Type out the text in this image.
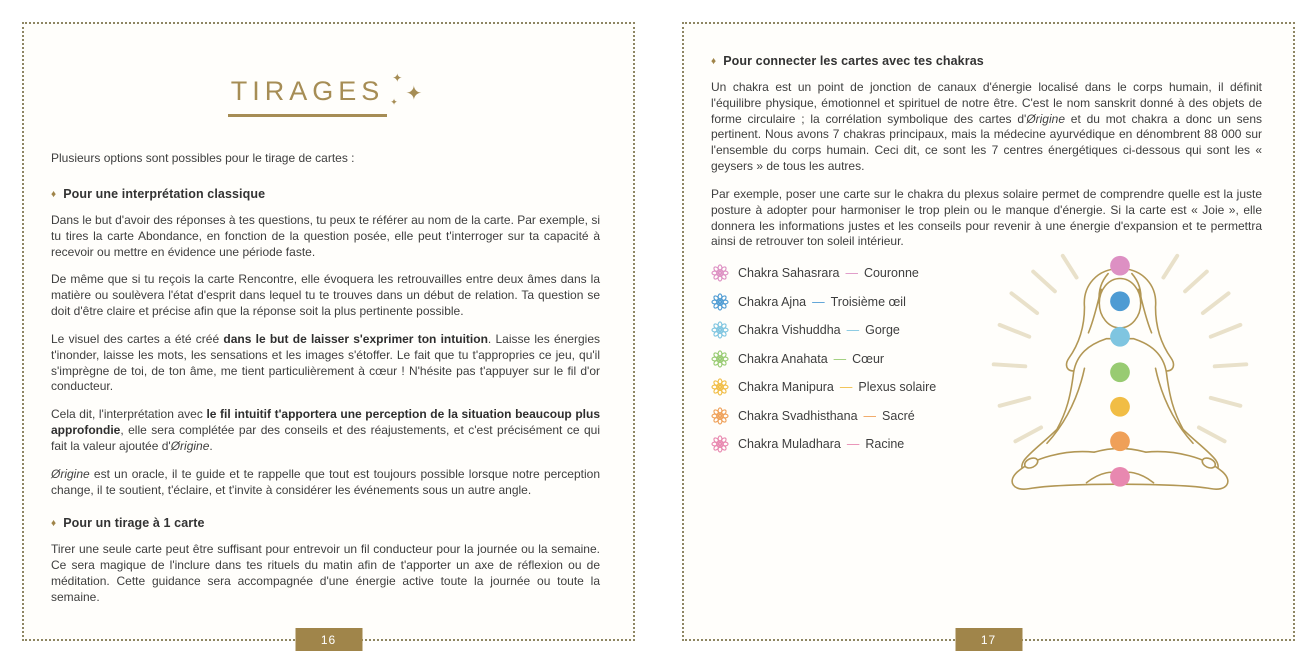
TIRAGES ✦
✦
✦

Plusieurs options sont possibles pour le tirage de cartes :

♦ Pour une interprétation classique

Dans le but d'avoir des réponses à tes questions, tu peux te référer au nom de la carte. Par exemple, si tu tires la carte Abondance, en fonction de la question posée, elle peut t'interroger sur ta capacité à recevoir ou mettre en évidence une période faste.

De même que si tu reçois la carte Rencontre, elle évoquera les retrouvailles entre deux âmes dans la matière ou soulèvera l'état d'esprit dans lequel tu te trouves dans un début de relation. Ta question se doit d'être claire et précise afin que la réponse soit la plus pertinente possible.

Le visuel des cartes a été créé dans le but de laisser s'exprimer ton intuition. Laisse les énergies t'inonder, laisse les mots, les sensations et les images s'étoffer. Le fait que tu t'appropries ce jeu, qu'il s'imprègne de toi, de ton âme, me tient particulièrement à cœur ! N'hésite pas t'appuyer sur le fil d'or conducteur.

Cela dit, l'interprétation avec le fil intuitif t'apportera une perception de la situation beaucoup plus approfondie, elle sera complétée par des conseils et des réajustements, et c'est précisément ce qui fait la valeur ajoutée d'Ørigine.

Ørigine est un oracle, il te guide et te rappelle que tout est toujours possible lorsque notre perception change, il te soutient, t'éclaire, et t'invite à considérer les événements sous un autre angle.

♦ Pour un tirage à 1 carte

Tirer une seule carte peut être suffisant pour entrevoir un fil conducteur pour la journée ou la semaine. Ce sera magique de l'inclure dans tes rituels du matin afin de t'apporter un axe de réflexion ou de méditation. Cette guidance sera accompagnée d'une énergie active toute la journée ou toute la semaine.

16
♦ Pour connecter les cartes avec tes chakras

Un chakra est un point de jonction de canaux d'énergie localisé dans le corps humain, il définit l'équilibre physique, émotionnel et spirituel de notre être. C'est le nom sanskrit donné à des objets de forme circulaire ; la corrélation symbolique des cartes d'Ørigine et du mot chakra a donc un sens pertinent. Nous avons 7 chakras principaux, mais la médecine ayurvédique en dénombrent 88 000 sur l'ensemble du corps humain. Ceci dit, ce sont les 7 centres énergétiques ci-dessous qui sont les « geysers » de tous les autres.

Par exemple, poser une carte sur le chakra du plexus solaire permet de comprendre quelle est la juste posture à adopter pour harmoniser le trop plein ou le manque d'énergie. Si la carte est « Joie », elle donnera les informations justes et les conseils pour revenir à une énergie d'expansion et te permettra ainsi de retrouver ton soleil intérieur.

Chakra Sahasrara — Couronne
Chakra Ajna — Troisième œil
Chakra Vishuddha — Gorge
Chakra Anahata — Cœur
Chakra Manipura — Plexus solaire
Chakra Svadhisthana — Sacré
Chakra Muladhara — Racine
17
